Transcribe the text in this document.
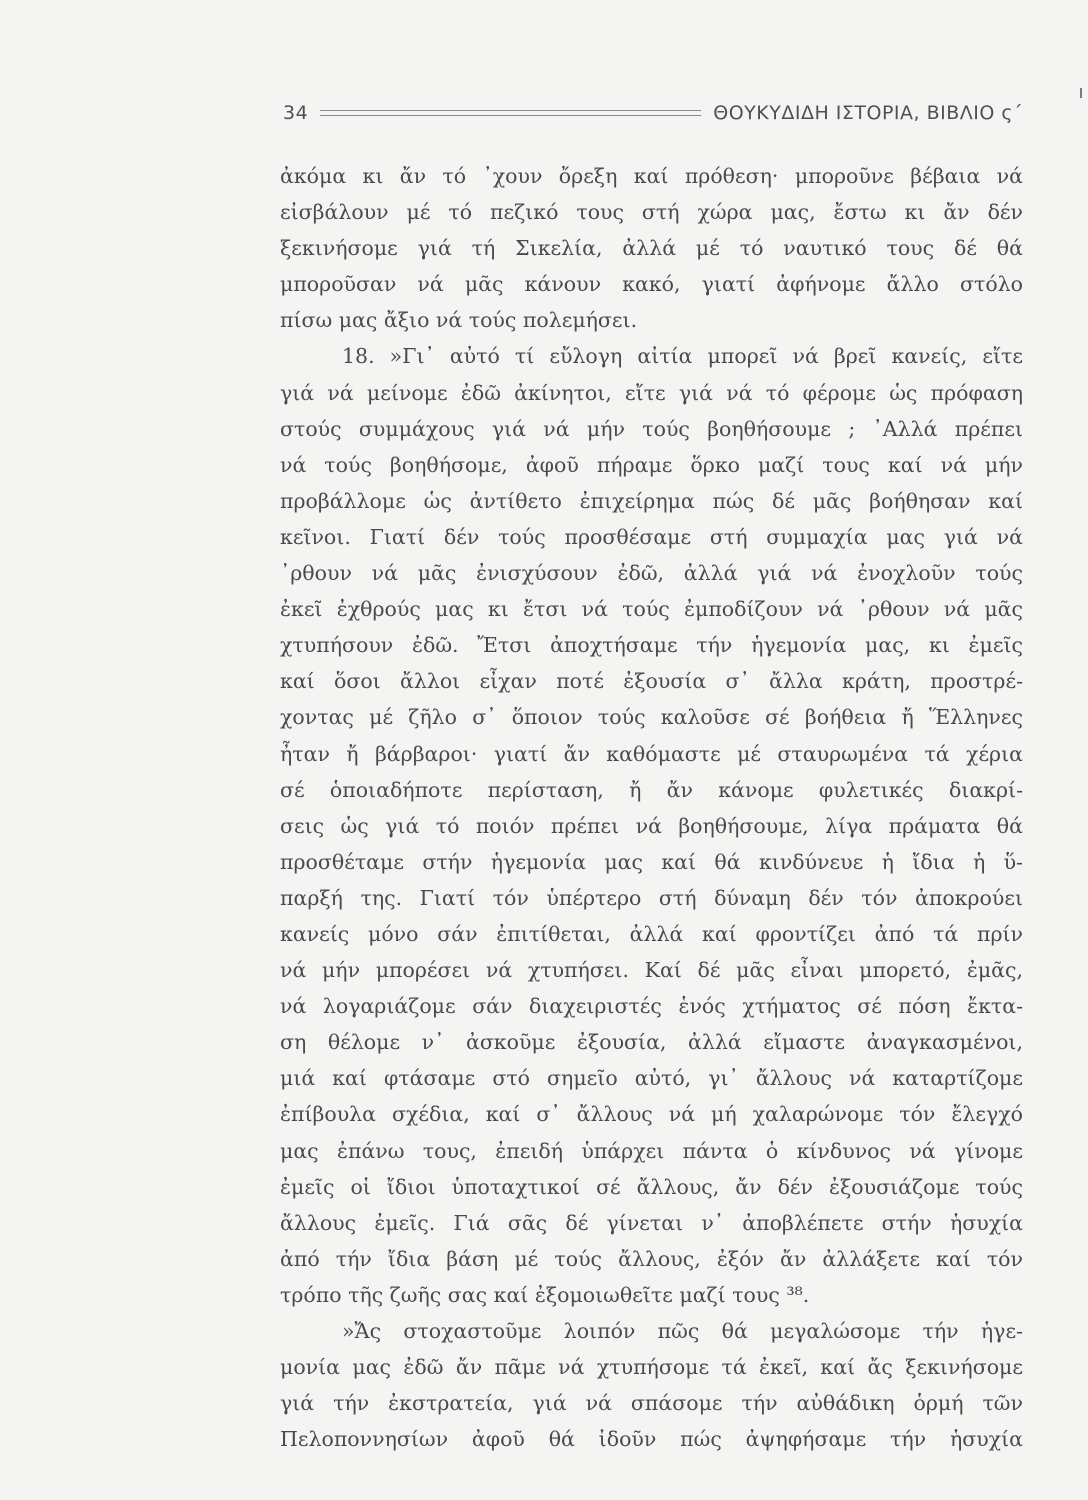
34	ΘΟΥΚΥΔΙΔΗ ΙΣΤΟΡΙΑ, ΒΙΒΛΙΟ ς΄
ἀκόμα κι ἄν τό ᾽χουν ὄρεξη καί πρόθεση· μποροῦνε βέβαια νά
εἰσβάλουν μέ τό πεζικό τους στή χώρα μας, ἔστω κι ἄν δέν
ξεκινήσομε γιά τή Σικελία, ἀλλά μέ τό ναυτικό τους δέ θά
μποροῦσαν νά μᾶς κάνουν κακό, γιατί ἀφήνομε ἄλλο στόλο
πίσω μας ἄξιο νά τούς πολεμήσει.
18. »Γι᾽ αὐτό τί εὔλογη αἰτία μπορεῖ νά βρεῖ κανείς, εἴτε
γιά νά μείνομε ἐδῶ ἀκίνητοι, εἴτε γιά νά τό φέρομε ὡς πρόφαση
στούς συμμάχους γιά νά μήν τούς βοηθήσουμε ; ᾽Αλλά πρέπει
νά τούς βοηθήσομε, ἀφοῦ πήραμε ὅρκο μαζί τους καί νά μήν
προβάλλομε ὡς ἀντίθετο ἐπιχείρημα πώς δέ μᾶς βοήθησαν καί
κεῖνοι. Γιατί δέν τούς προσθέσαμε στή συμμαχία μας γιά νά
᾽ρθουν νά μᾶς ἐνισχύσουν ἐδῶ, ἀλλά γιά νά ἐνοχλοῦν τούς
ἐκεῖ ἐχθρούς μας κι ἔτσι νά τούς ἐμποδίζουν νά ᾽ρθουν νά μᾶς
χτυπήσουν ἐδῶ. Ἔτσι ἀποχτήσαμε τήν ἡγεμονία μας, κι ἐμεῖς
καί ὅσοι ἄλλοι εἶχαν ποτέ ἐξουσία σ᾽ ἄλλα κράτη, προστρέ-
χοντας μέ ζῆλο σ᾽ ὅποιον τούς καλοῦσε σέ βοήθεια ἤ Ἕλληνες
ἦταν ἤ βάρβαροι· γιατί ἄν καθόμαστε μέ σταυρωμένα τά χέρια
σέ ὁποιαδήποτε περίσταση, ἤ ἄν κάνομε φυλετικές διακρί-
σεις ὡς γιά τό ποιόν πρέπει νά βοηθήσουμε, λίγα πράματα θά
προσθέταμε στήν ἡγεμονία μας καί θά κινδύνευε ἡ ἴδια ἡ ὕ-
παρξή της. Γιατί τόν ὑπέρτερο στή δύναμη δέν τόν ἀποκρούει
κανείς μόνο σάν ἐπιτίθεται, ἀλλά καί φροντίζει ἀπό τά πρίν
νά μήν μπορέσει νά χτυπήσει. Καί δέ μᾶς εἶναι μπορετό, ἐμᾶς,
νά λογαριάζομε σάν διαχειριστές ἑνός χτήματος σέ πόση ἔκτα-
ση θέλομε ν᾽ ἀσκοῦμε ἐξουσία, ἀλλά εἴμαστε ἀναγκασμένοι,
μιά καί φτάσαμε στό σημεῖο αὐτό, γι᾽ ἄλλους νά καταρτίζομε
ἐπίβουλα σχέδια, καί σ᾽ ἄλλους νά μή χαλαρώνομε τόν ἔλεγχό
μας ἐπάνω τους, ἐπειδή ὑπάρχει πάντα ὁ κίνδυνος νά γίνομε
ἐμεῖς οἱ ἴδιοι ὑποταχτικοί σέ ἄλλους, ἄν δέν ἐξουσιάζομε τούς
ἄλλους ἐμεῖς. Γιά σᾶς δέ γίνεται ν᾽ ἀποβλέπετε στήν ἡσυχία
ἀπό τήν ἴδια βάση μέ τούς ἄλλους, ἐξόν ἄν ἀλλάξετε καί τόν
τρόπο τῆς ζωῆς σας καί ἐξομοιωθεῖτε μαζί τους ³⁸.
»Ἄς στοχαστοῦμε λοιπόν πῶς θά μεγαλώσομε τήν ἡγε-
μονία μας ἐδῶ ἄν πᾶμε νά χτυπήσομε τά ἐκεῖ, καί ἄς ξεκινήσομε
γιά τήν ἐκστρατεία, γιά νά σπάσομε τήν αὐθάδικη ὁρμή τῶν
Πελοποννησίων ἀφοῦ θά ἰδοῦν πώς ἀψηφήσαμε τήν ἡσυχία
